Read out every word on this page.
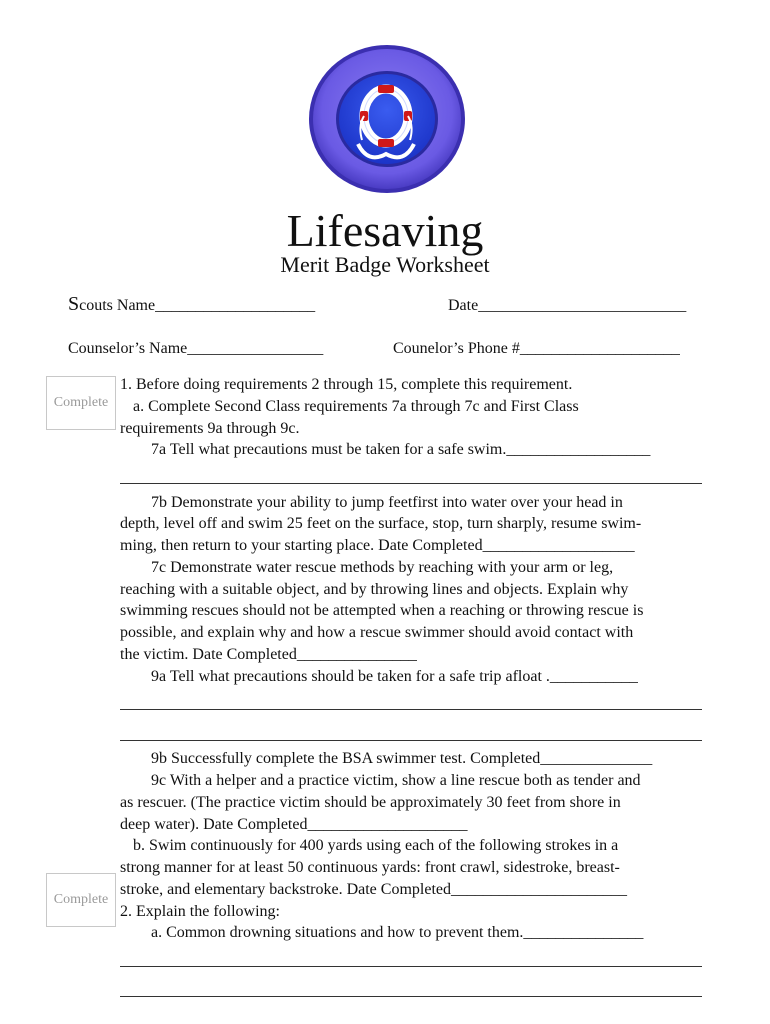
Lifesaving
Merit Badge Worksheet
Scouts Name____________________	Date__________________________
Counselor’s Name_________________	Counelor’s Phone #____________________
Complete
Complete
1. Before doing requirements 2 through 15, complete this requirement.
a. Complete Second Class requirements 7a through 7c and First Class
requirements 9a through 9c.
7a Tell what precautions must be taken for a safe swim.__________________
7b Demonstrate your ability to jump feetfirst into water over your head in
depth, level off and swim 25 feet on the surface, stop, turn sharply, resume swim-
ming, then return to your starting place. Date Completed___________________
7c Demonstrate water rescue methods by reaching with your arm or leg,
reaching with a suitable object, and by throwing lines and objects. Explain why
swimming rescues should not be attempted when a reaching or throwing rescue is
possible, and explain why and how a rescue swimmer should avoid contact with
the victim. Date Completed_______________
9a Tell what precautions should be taken for a safe trip afloat .___________
9b Successfully complete the BSA swimmer test. Completed______________
9c With a helper and a practice victim, show a line rescue both as tender and
as rescuer. (The practice victim should be approximately 30 feet from shore in
deep water). Date Completed____________________
b. Swim continuously for 400 yards using each of the following strokes in a
strong manner for at least 50 continuous yards: front crawl, sidestroke, breast-
stroke, and elementary backstroke. Date Completed______________________
2. Explain the following:
a. Common drowning situations and how to prevent them._______________
